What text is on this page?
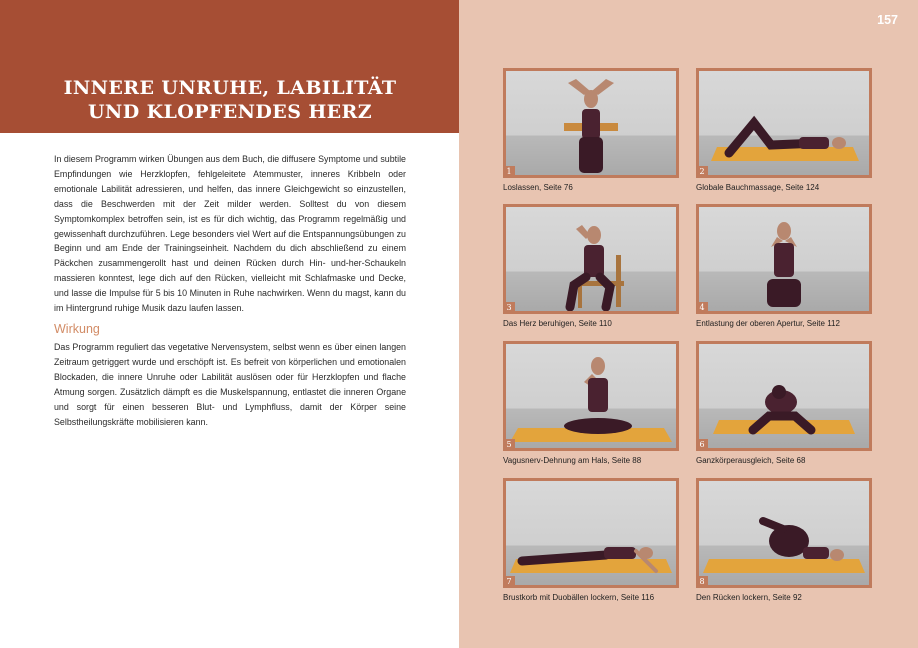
INNERE UNRUHE, LABILITÄT
UND KLOPFENDES HERZ

In diesem Programm wirken Übungen aus dem Buch, die diffusere Symptome und subtile Empfindungen wie Herzklopfen, fehlgeleitete Atemmuster, inneres Kribbeln oder emotionale Labilität adressieren, und helfen, das innere Gleichgewicht so einzustellen, dass die Beschwerden mit der Zeit milder werden. Solltest du von diesem Symptomkomplex betroffen sein, ist es für dich wichtig, das Programm regelmäßig und gewissenhaft durchzuführen. Lege besonders viel Wert auf die Entspannungsübungen zu Beginn und am Ende der Trainingseinheit. Nachdem du dich abschließend zu einem Päckchen zusammengerollt hast und deinen Rücken durch Hin- und-her-Schaukeln massieren konntest, lege dich auf den Rücken, vielleicht mit Schlafmaske und Decke, und lasse die Impulse für 5 bis 10 Minuten in Ruhe nachwirken. Wenn du magst, kann du im Hintergrund ruhige Musik dazu laufen lassen.

Wirkung

Das Programm reguliert das vegetative Nervensystem, selbst wenn es über einen langen Zeitraum getriggert wurde und erschöpft ist. Es befreit von körperlichen und emotionalen Blockaden, die innere Unruhe oder Labilität auslösen oder für Herzklopfen und flache Atmung sorgen. Zusätzlich dämpft es die Muskelspannung, entlastet die inneren Organe und sorgt für einen besseren Blut- und Lymphfluss, damit der Körper seine Selbstheilungskräfte mobilisieren kann.

157
1
Loslassen, Seite 76
2
Globale Bauchmassage, Seite 124
3
Das Herz beruhigen, Seite 110
4
Entlastung der oberen Apertur, Seite 112
5
Vagusnerv-Dehnung am Hals, Seite 88
6
Ganzkörperausgleich, Seite 68
7
Brustkorb mit Duobällen lockern, Seite 116
8
Den Rücken lockern, Seite 92
